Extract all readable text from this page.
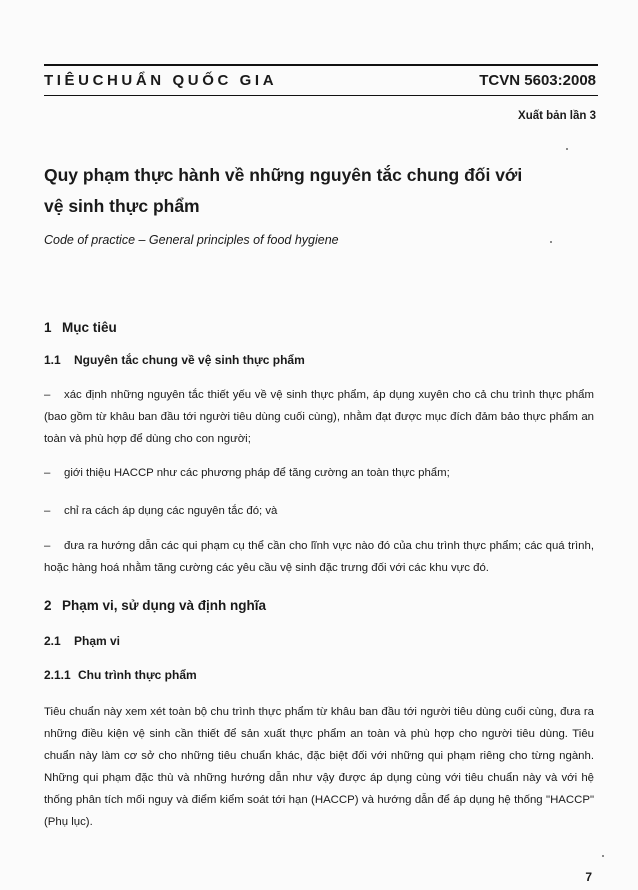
TIÊUCHUẨN QUỐC GIA	TCVN 5603:2008
Xuất bản lần 3
Quy phạm thực hành về những nguyên tắc chung đối với
vệ sinh thực phẩm
Code of practice – General principles of food hygiene
1 Mục tiêu
1.1 Nguyên tắc chung về vệ sinh thực phẩm
– xác định những nguyên tắc thiết yếu về vệ sinh thực phẩm, áp dụng xuyên cho cả chu trình thực phẩm (bao gồm từ khâu ban đầu tới người tiêu dùng cuối cùng), nhằm đạt được mục đích đảm bảo thực phẩm an toàn và phù hợp để dùng cho con người;
– giới thiệu HACCP như các phương pháp để tăng cường an toàn thực phẩm;
– chỉ ra cách áp dụng các nguyên tắc đó; và
– đưa ra hướng dẫn các qui phạm cụ thể cần cho lĩnh vực nào đó của chu trình thực phẩm; các quá trình, hoặc hàng hoá nhằm tăng cường các yêu cầu vệ sinh đặc trưng đối với các khu vực đó.
2 Phạm vi, sử dụng và định nghĩa
2.1 Phạm vi
2.1.1 Chu trình thực phẩm
Tiêu chuẩn này xem xét toàn bộ chu trình thực phẩm từ khâu ban đầu tới người tiêu dùng cuối cùng, đưa ra những điều kiện vệ sinh cần thiết để sản xuất thực phẩm an toàn và phù hợp cho người tiêu dùng. Tiêu chuẩn này làm cơ sở cho những tiêu chuẩn khác, đặc biệt đối với những qui phạm riêng cho từng ngành. Những qui phạm đặc thù và những hướng dẫn như vậy được áp dụng cùng với tiêu chuẩn này và với hệ thống phân tích mối nguy và điểm kiểm soát tới hạn (HACCP) và hướng dẫn để áp dụng hệ thống "HACCP" (Phụ lục).
7
